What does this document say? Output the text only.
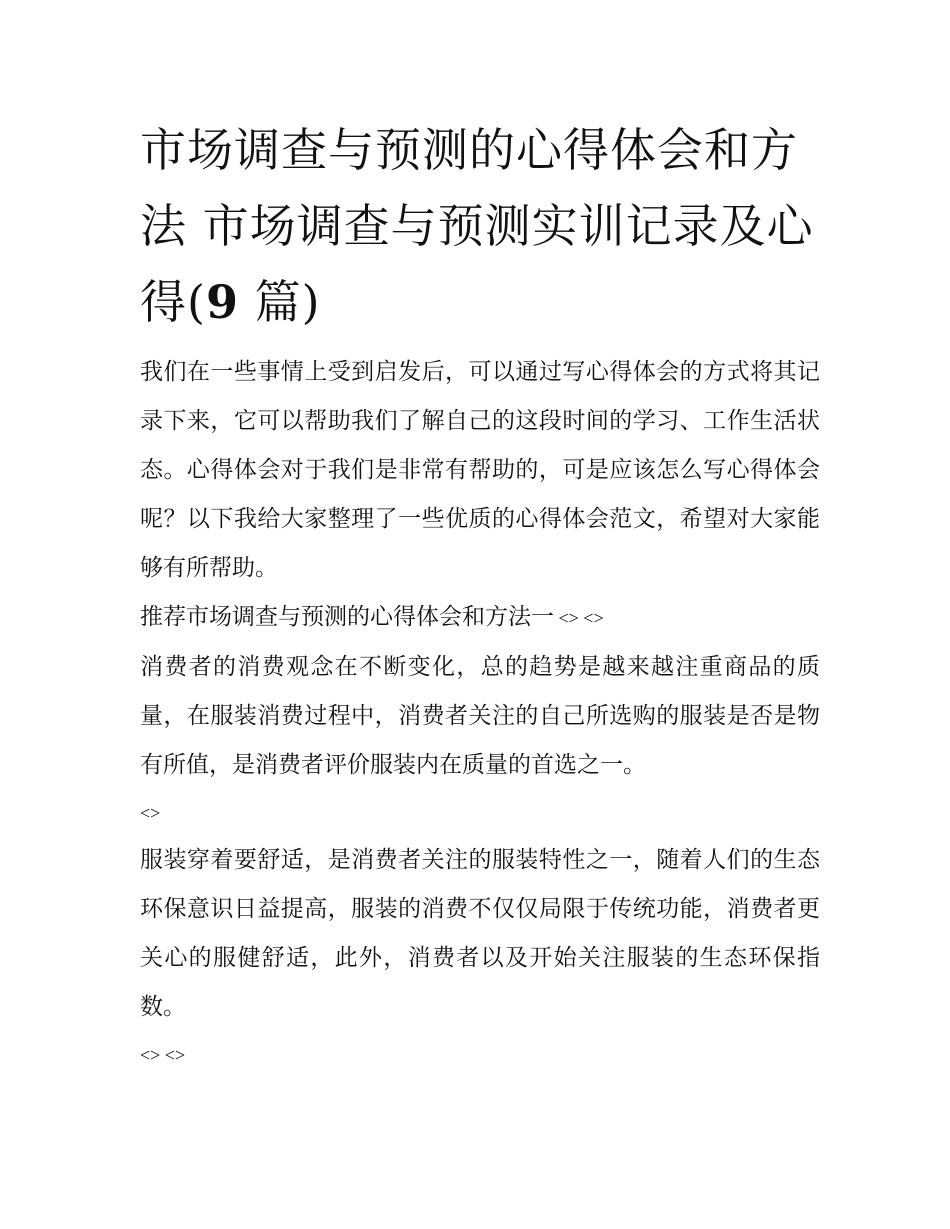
市场调查与预测的心得体会和方法 市场调查与预测实训记录及心得(9 篇)

我们在一些事情上受到启发后，可以通过写心得体会的方式将其记录下来，它可以帮助我们了解自己的这段时间的学习、工作生活状态。心得体会对于我们是非常有帮助的，可是应该怎么写心得体会呢？以下我给大家整理了一些优质的心得体会范文，希望对大家能够有所帮助。

推荐市场调查与预测的心得体会和方法一 <> <>

消费者的消费观念在不断变化，总的趋势是越来越注重商品的质量，在服装消费过程中，消费者关注的自己所选购的服装是否是物有所值，是消费者评价服装内在质量的首选之一。

<>

服装穿着要舒适，是消费者关注的服装特性之一，随着人们的生态环保意识日益提高，服装的消费不仅仅局限于传统功能，消费者更关心的服健舒适，此外，消费者以及开始关注服装的生态环保指数。

<> <>
